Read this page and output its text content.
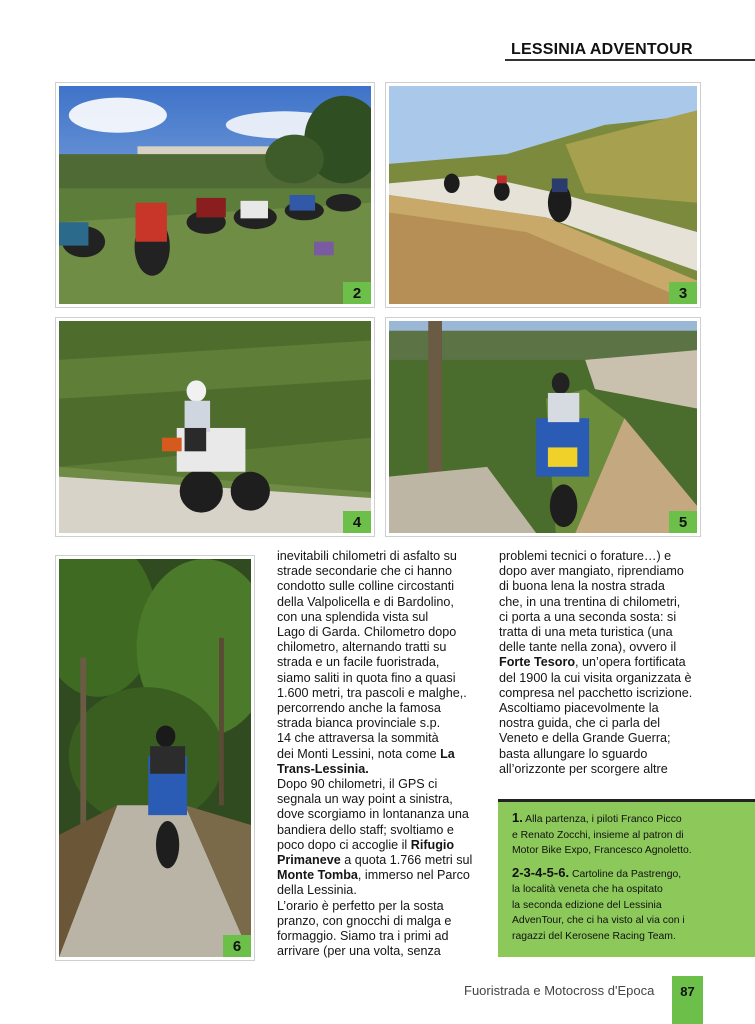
LESSINIA ADVENTOUR
2	3
4	5
6

inevitabili chilometri di asfalto su

strade secondarie che ci hanno

condotto sulle colline circostanti

della Valpolicella e di Bardolino,

con una splendida vista sul

Lago di Garda. Chilometro dopo

chilometro, alternando tratti su

strada e un facile fuoristrada,

siamo saliti in quota fino a quasi

1.600 metri, tra pascoli e malghe,.

percorrendo anche la famosa

strada bianca provinciale s.p.

14 che attraversa la sommità

dei Monti Lessini, nota come La

Trans-Lessinia.

Dopo 90 chilometri, il GPS ci

segnala un way point a sinistra,

dove scorgiamo in lontananza una

bandiera dello staff; svoltiamo e

poco dopo ci accoglie il Rifugio

Primaneve a quota 1.766 metri sul

Monte Tomba, immerso nel Parco

della Lessinia.

L’orario è perfetto per la sosta

pranzo, con gnocchi di malga e

formaggio. Siamo tra i primi ad

arrivare (per una volta, senza

problemi tecnici o forature…) e

dopo aver mangiato, riprendiamo

di buona lena la nostra strada

che, in una trentina di chilometri,

ci porta a una seconda sosta: si

tratta di una meta turistica (una

delle tante nella zona), ovvero il

Forte Tesoro, un’opera fortificata

del 1900 la cui visita organizzata è

compresa nel pacchetto iscrizione.

Ascoltiamo piacevolmente la

nostra guida, che ci parla del

Veneto e della Grande Guerra;

basta allungare lo sguardo

all’orizzonte per scorgere altre

1. Alla partenza, i piloti Franco Picco
e Renato Zocchi, insieme al patron di
Motor Bike Expo, Francesco Agnoletto.
2-3-4-5-6. Cartoline da Pastrengo,
la località veneta che ha ospitato
la seconda edizione del Lessinia
AdvenTour, che ci ha visto al via con i
ragazzi del Kerosene Racing Team.
Fuoristrada e Motocross d'Epoca	87
